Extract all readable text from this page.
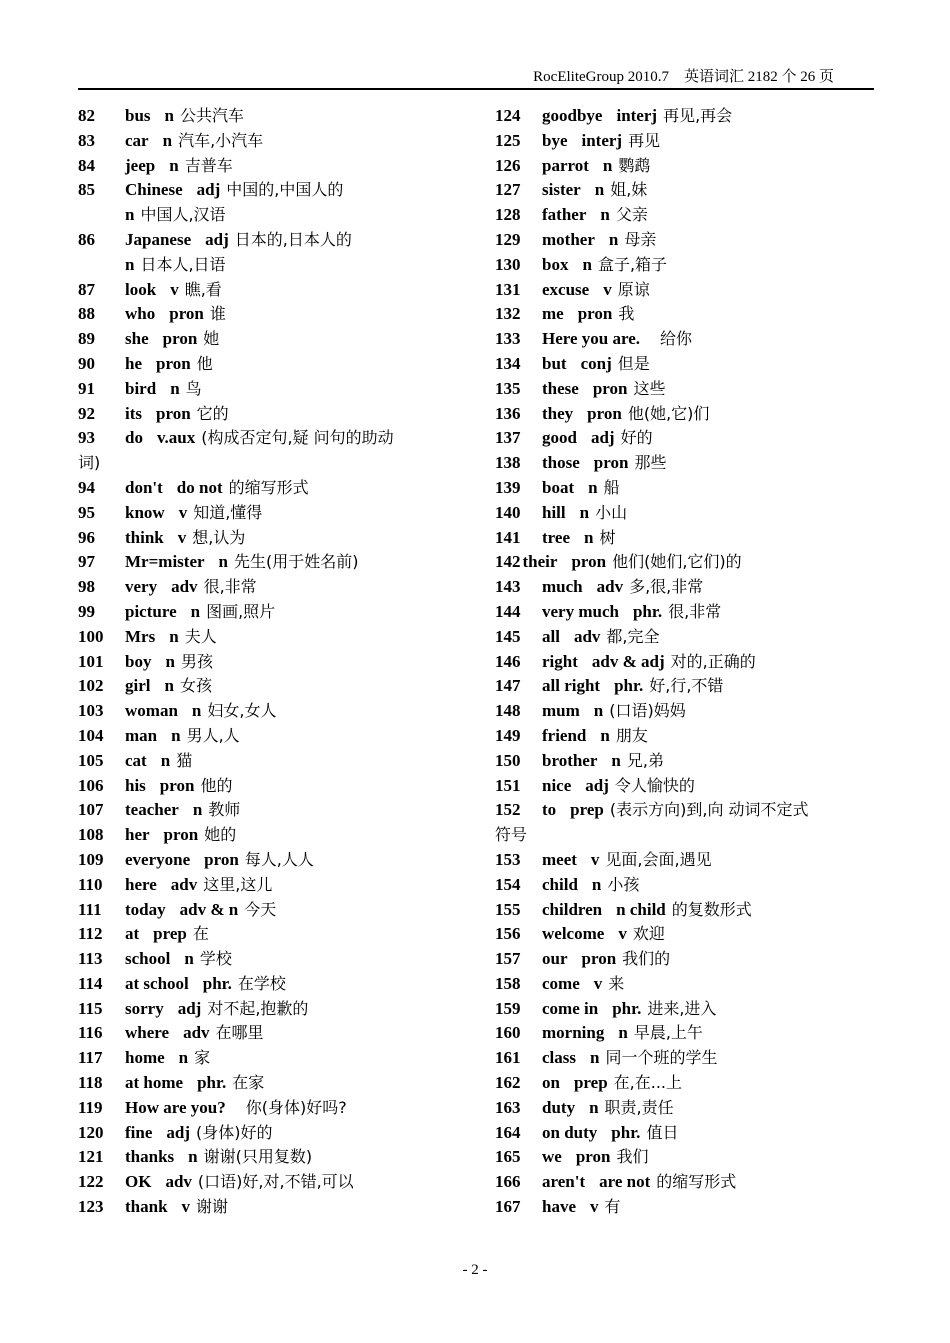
RocEliteGroup 2010.7　英语词汇 2182 个 26 页
82 bus n 公共汽车
83 car n 汽车,小汽车
84 jeep n 吉普车
85 Chinese adj 中国的,中国人的
n 中国人,汉语
86 Japanese adj 日本的,日本人的
n 日本人,日语
87 look v 瞧,看
88 who pron 谁
89 she pron 她
90 he pron 他
91 bird n 鸟
92 its pron 它的
93 do v.aux (构成否定句,疑 问句的助动
词)
94 don't do not 的缩写形式
95 know v 知道,懂得
96 think v 想,认为
97 Mr=mister n 先生(用于姓名前)
98 very adv 很,非常
99 picture n 图画,照片
100 Mrs n 夫人
101 boy n 男孩
102 girl n 女孩
103 woman n 妇女,女人
104 man n 男人,人
105 cat n 猫
106 his pron 他的
107 teacher n 教师
108 her pron 她的
109 everyone pron 每人,人人
110 here adv 这里,这儿
111 today adv & n 今天
112 at prep 在
113 school n 学校
114 at school phr. 在学校
115 sorry adj 对不起,抱歉的
116 where adv 在哪里
117 home n 家
118 at home phr. 在家
119 How are you? 你(身体)好吗?
120 fine adj (身体)好的
121 thanks n 谢谢(只用复数)
122 OK adv (口语)好,对,不错,可以
123 thank v 谢谢
124 goodbye interj 再见,再会
125 bye interj 再见
126 parrot n 鹦鹉
127 sister n 姐,妹
128 father n 父亲
129 mother n 母亲
130 box n 盒子,箱子
131 excuse v 原谅
132 me pron 我
133 Here you are. 给你
134 but conj 但是
135 these pron 这些
136 they pron 他(她,它)们
137 good adj 好的
138 those pron 那些
139 boat n 船
140 hill n 小山
141 tree n 树
142 their pron 他们(她们,它们)的
143 much adv 多,很,非常
144 very much phr. 很,非常
145 all adv 都,完全
146 right adv & adj 对的,正确的
147 all right phr. 好,行,不错
148 mum n (口语)妈妈
149 friend n 朋友
150 brother n 兄,弟
151 nice adj 令人愉快的
152 to prep (表示方向)到,向 动词不定式
符号
153 meet v 见面,会面,遇见
154 child n 小孩
155 children n child 的复数形式
156 welcome v 欢迎
157 our pron 我们的
158 come v 来
159 come in phr. 进来,进入
160 morning n 早晨,上午
161 class n 同一个班的学生
162 on prep 在,在...上
163 duty n 职责,责任
164 on duty phr. 值日
165 we pron 我们
166 aren't are not 的缩写形式
167 have v 有
- 2 -
